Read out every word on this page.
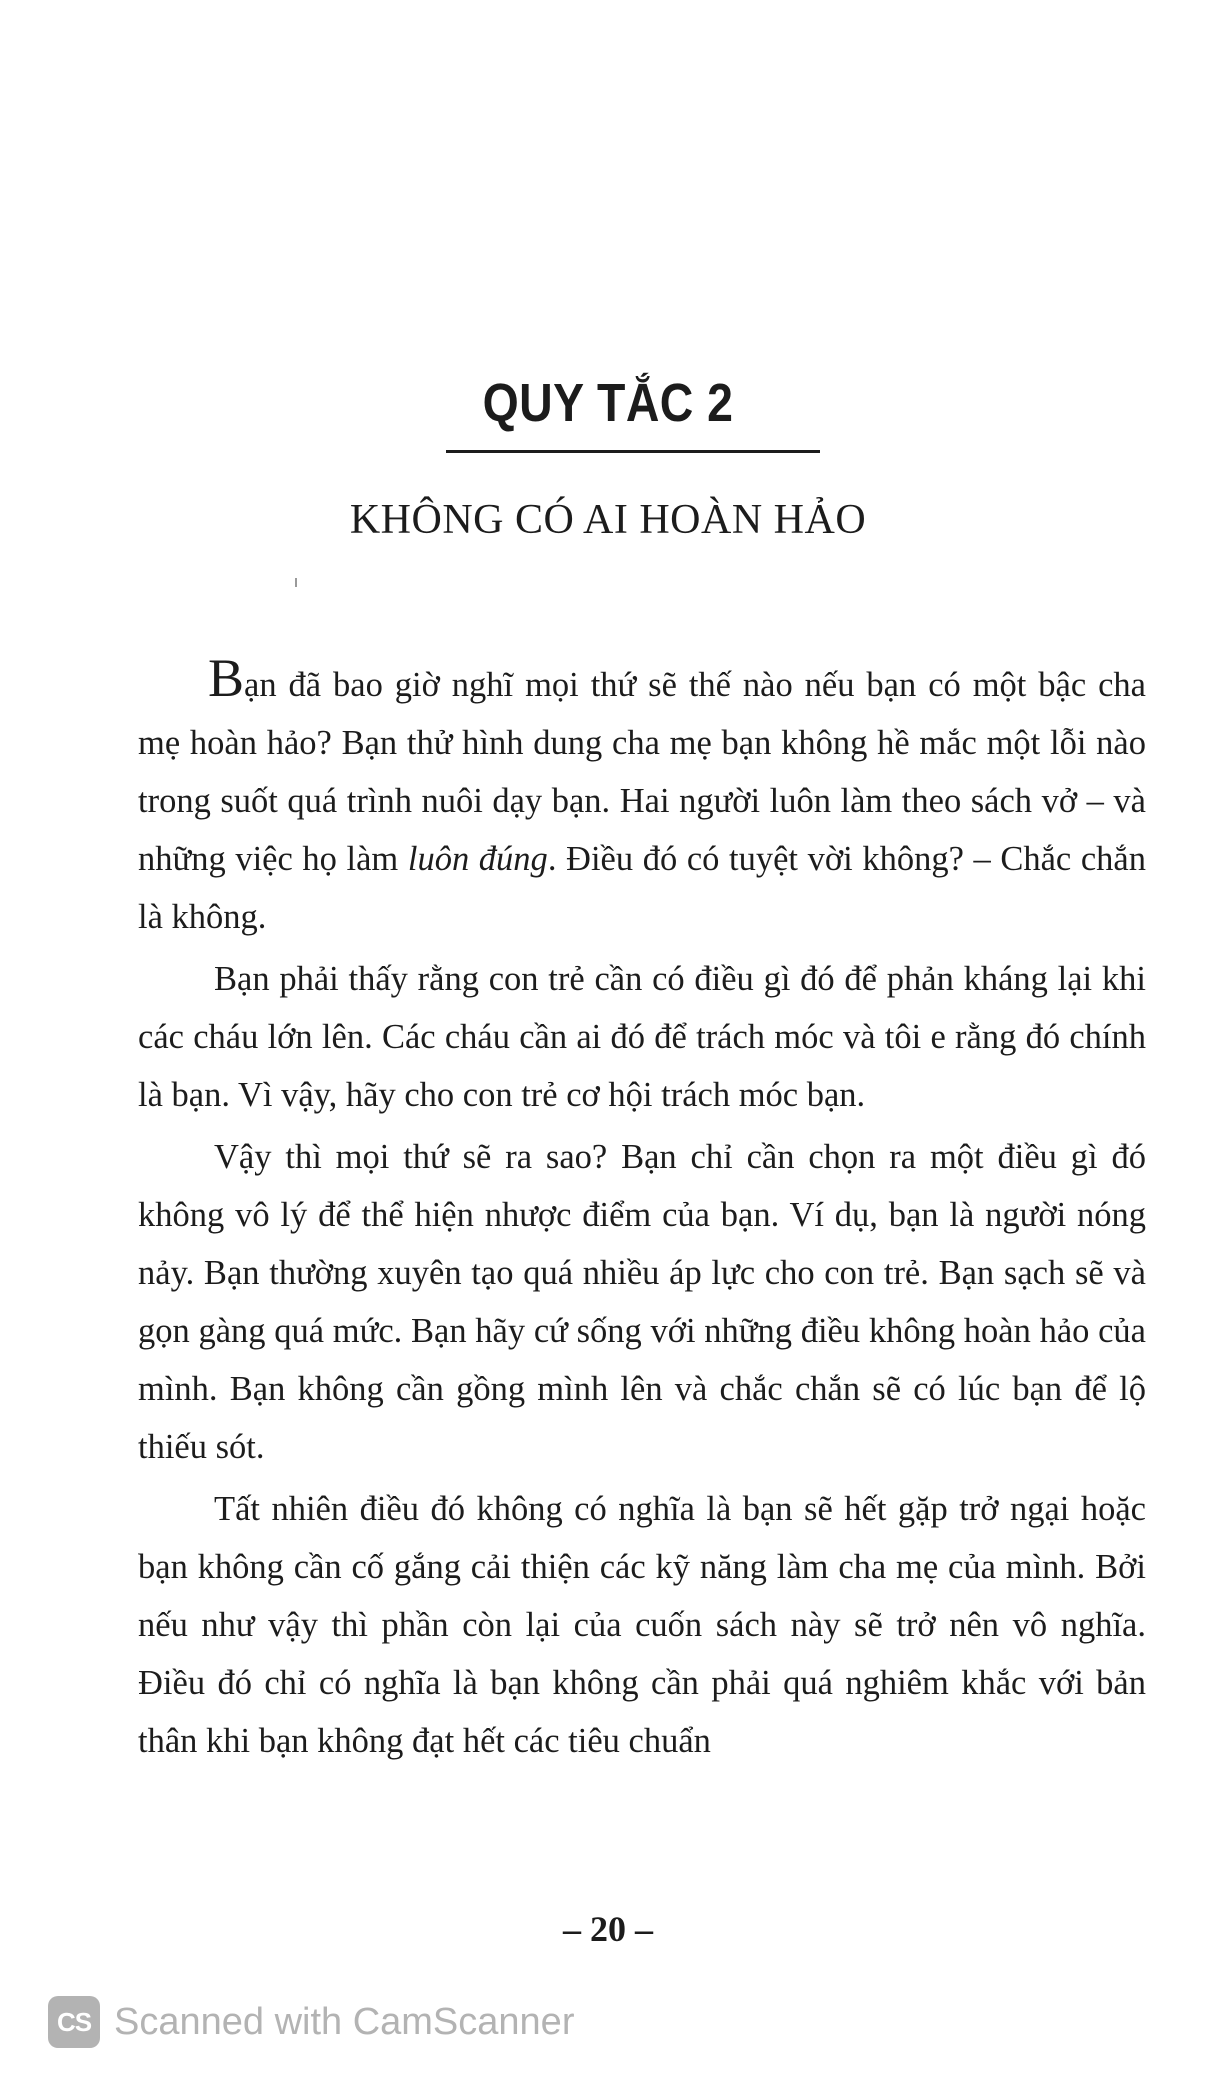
QUY TẮC 2
KHÔNG CÓ AI HOÀN HẢO

Bạn đã bao giờ nghĩ mọi thứ sẽ thế nào nếu bạn có một bậc cha mẹ hoàn hảo? Bạn thử hình dung cha mẹ bạn không hề mắc một lỗi nào trong suốt quá trình nuôi dạy bạn. Hai người luôn làm theo sách vở – và những việc họ làm luôn đúng. Điều đó có tuyệt vời không? – Chắc chắn là không.

Bạn phải thấy rằng con trẻ cần có điều gì đó để phản kháng lại khi các cháu lớn lên. Các cháu cần ai đó để trách móc và tôi e rằng đó chính là bạn. Vì vậy, hãy cho con trẻ cơ hội trách móc bạn.

Vậy thì mọi thứ sẽ ra sao? Bạn chỉ cần chọn ra một điều gì đó không vô lý để thể hiện nhược điểm của bạn. Ví dụ, bạn là người nóng nảy. Bạn thường xuyên tạo quá nhiều áp lực cho con trẻ. Bạn sạch sẽ và gọn gàng quá mức. Bạn hãy cứ sống với những điều không hoàn hảo của mình. Bạn không cần gồng mình lên và chắc chắn sẽ có lúc bạn để lộ thiếu sót.

Tất nhiên điều đó không có nghĩa là bạn sẽ hết gặp trở ngại hoặc bạn không cần cố gắng cải thiện các kỹ năng làm cha mẹ của mình. Bởi nếu như vậy thì phần còn lại của cuốn sách này sẽ trở nên vô nghĩa. Điều đó chỉ có nghĩa là bạn không cần phải quá nghiêm khắc với bản thân khi bạn không đạt hết các tiêu chuẩn

– 20 –
CS Scanned with CamScanner
